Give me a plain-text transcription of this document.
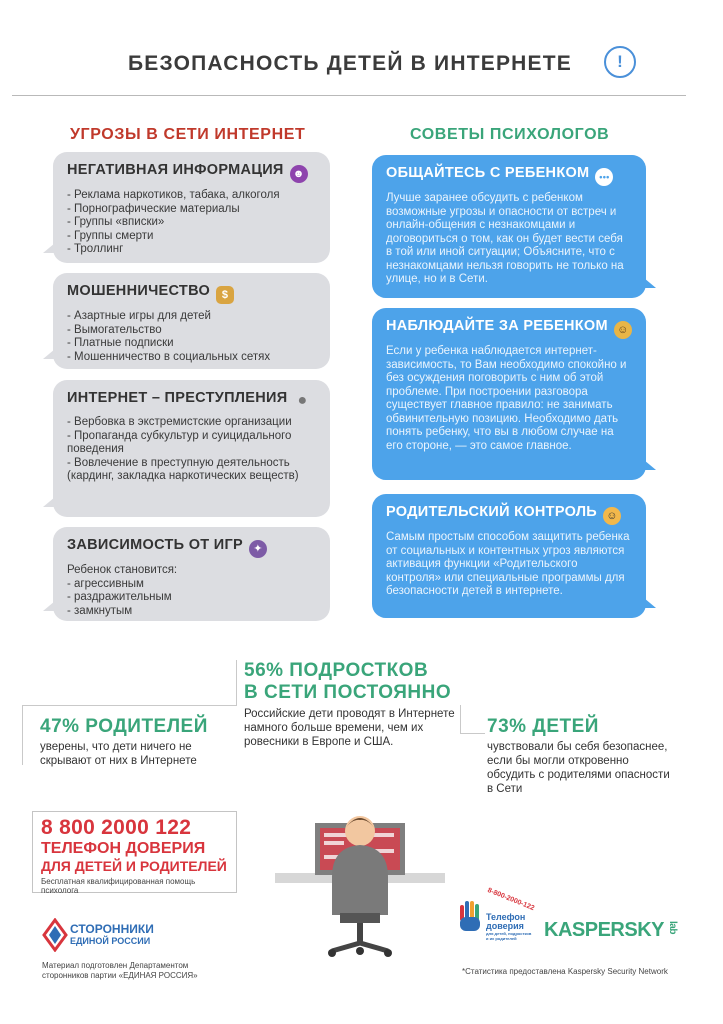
БЕЗОПАСНОСТЬ ДЕТЕЙ В ИНТЕРНЕТЕ	!
УГРОЗЫ В СЕТИ ИНТЕРНЕТ	СОВЕТЫ ПСИХОЛОГОВ
НЕГАТИВНАЯ ИНФОРМАЦИЯ ☻
- Реклама наркотиков, табака, алкоголя
- Порнографические материалы
- Группы «вписки»
- Группы смерти
- Троллинг
МОШЕННИЧЕСТВО $
- Азартные игры для детей
- Вымогательство
- Платные подписки
- Мошенничество в социальных сетях
ИНТЕРНЕТ – ПРЕСТУПЛЕНИЯ ●
- Вербовка в экстремистские организации
- Пропаганда субкультур и суицидального поведения
- Вовлечение в преступную деятельность (кардинг, закладка наркотических веществ)
ЗАВИСИМОСТЬ ОТ ИГР ✦
Ребенок становится:
- агрессивным
- раздражительным
- замкнутым
ОБЩАЙТЕСЬ С РЕБЕНКОМ •••

Лучше заранее обсудить с ребенком возможные угрозы и опасности от встреч и онлайн-общения с незнакомцами и договориться о том, как он будет вести себя в той или иной ситуации; Объясните, что с незнакомцами нельзя говорить не только на улице, но и в Сети.

НАБЛЮДАЙТЕ ЗА РЕБЕНКОМ ☺

Если у ребенка наблюдается интернет-зависимость, то Вам необходимо спокойно и без осуждения поговорить с ним об этой проблеме. При построении разговора существует главное правило: не занимать обвинительную позицию. Необходимо дать понять ребенку, что вы в любом случае на его стороне, — это самое главное.

РОДИТЕЛЬСКИЙ КОНТРОЛЬ ☺

Самым простым способом защитить ребенка от социальных и контентных угроз являются активация функции «Родительского контроля» или специальные программы для безопасности детей в интернете.

56% ПОДРОСТКОВ
В СЕТИ ПОСТОЯННО
Российские дети проводят в Интернете намного больше времени, чем их ровесники в Европе и США.
47% РОДИТЕЛЕЙ
уверены, что дети ничего не скрывают от них в Интернете
73% ДЕТЕЙ
чувствовали бы себя безопаснее, если бы могли откровенно обсудить с родителями опасности в Сети
8 800 2000 122
ТЕЛЕФОН ДОВЕРИЯ
ДЛЯ ДЕТЕЙ И РОДИТЕЛЕЙ
Бесплатная квалифицированная помощь психолога
СТОРОННИКИ
ЕДИНОЙ РОССИИ
Материал подготовлен Департаментом сторонников партии «ЕДИНАЯ РОССИЯ»
8-800-2000-122
Телефон
доверия
для детей, подростков и их родителей	KASPERSKY lab
*Статистика предоставлена Kaspersky Security Network
